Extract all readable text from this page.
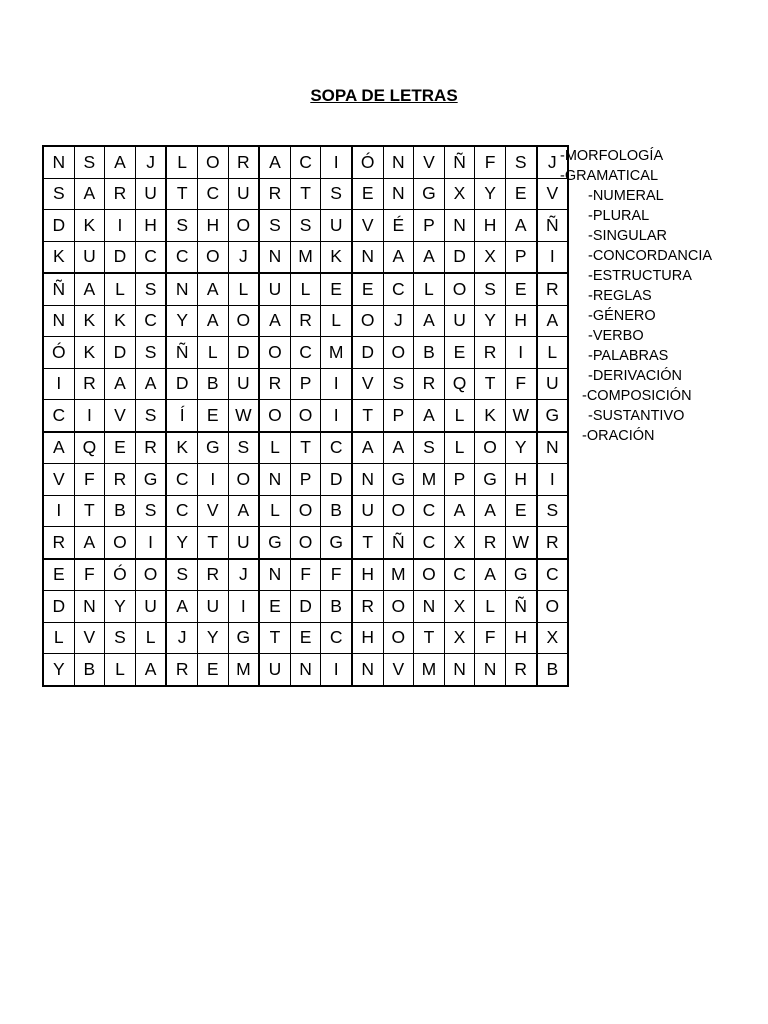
SOPA DE LETRAS
N	S	A	J	L	O	R	A	C	I	Ó	N	V	Ñ	F	S	J
S	A	R	U	T	C	U	R	T	S	E	N	G	X	Y	E	V
D	K	I	H	S	H	O	S	S	U	V	É	P	N	H	A	Ñ
K	U	D	C	C	O	J	N	M	K	N	A	A	D	X	P	I
Ñ	A	L	S	N	A	L	U	L	E	E	C	L	O	S	E	R
N	K	K	C	Y	A	O	A	R	L	O	J	A	U	Y	H	A
Ó	K	D	S	Ñ	L	D	O	C	M	D	O	B	E	R	I	L
I	R	A	A	D	B	U	R	P	I	V	S	R	Q	T	F	U
C	I	V	S	Í	E	W	O	O	I	T	P	A	L	K	W	G
A	Q	E	R	K	G	S	L	T	C	A	A	S	L	O	Y	N
V	F	R	G	C	I	O	N	P	D	N	G	M	P	G	H	I
I	T	B	S	C	V	A	L	O	B	U	O	C	A	A	E	S
R	A	O	I	Y	T	U	G	O	G	T	Ñ	C	X	R	W	R
E	F	Ó	O	S	R	J	N	F	F	H	M	O	C	A	G	C
D	N	Y	U	A	U	I	E	D	B	R	O	N	X	L	Ñ	O
L	V	S	L	J	Y	G	T	E	C	H	O	T	X	F	H	X
Y	B	L	A	R	E	M	U	N	I	N	V	M	N	N	R	B
-MORFOLOGÍA
-GRAMATICAL
-NUMERAL
-PLURAL
-SINGULAR
-CONCORDANCIA
-ESTRUCTURA
-REGLAS
-GÉNERO
-VERBO
-PALABRAS
-DERIVACIÓN
-COMPOSICIÓN
-SUSTANTIVO
-ORACIÓN
